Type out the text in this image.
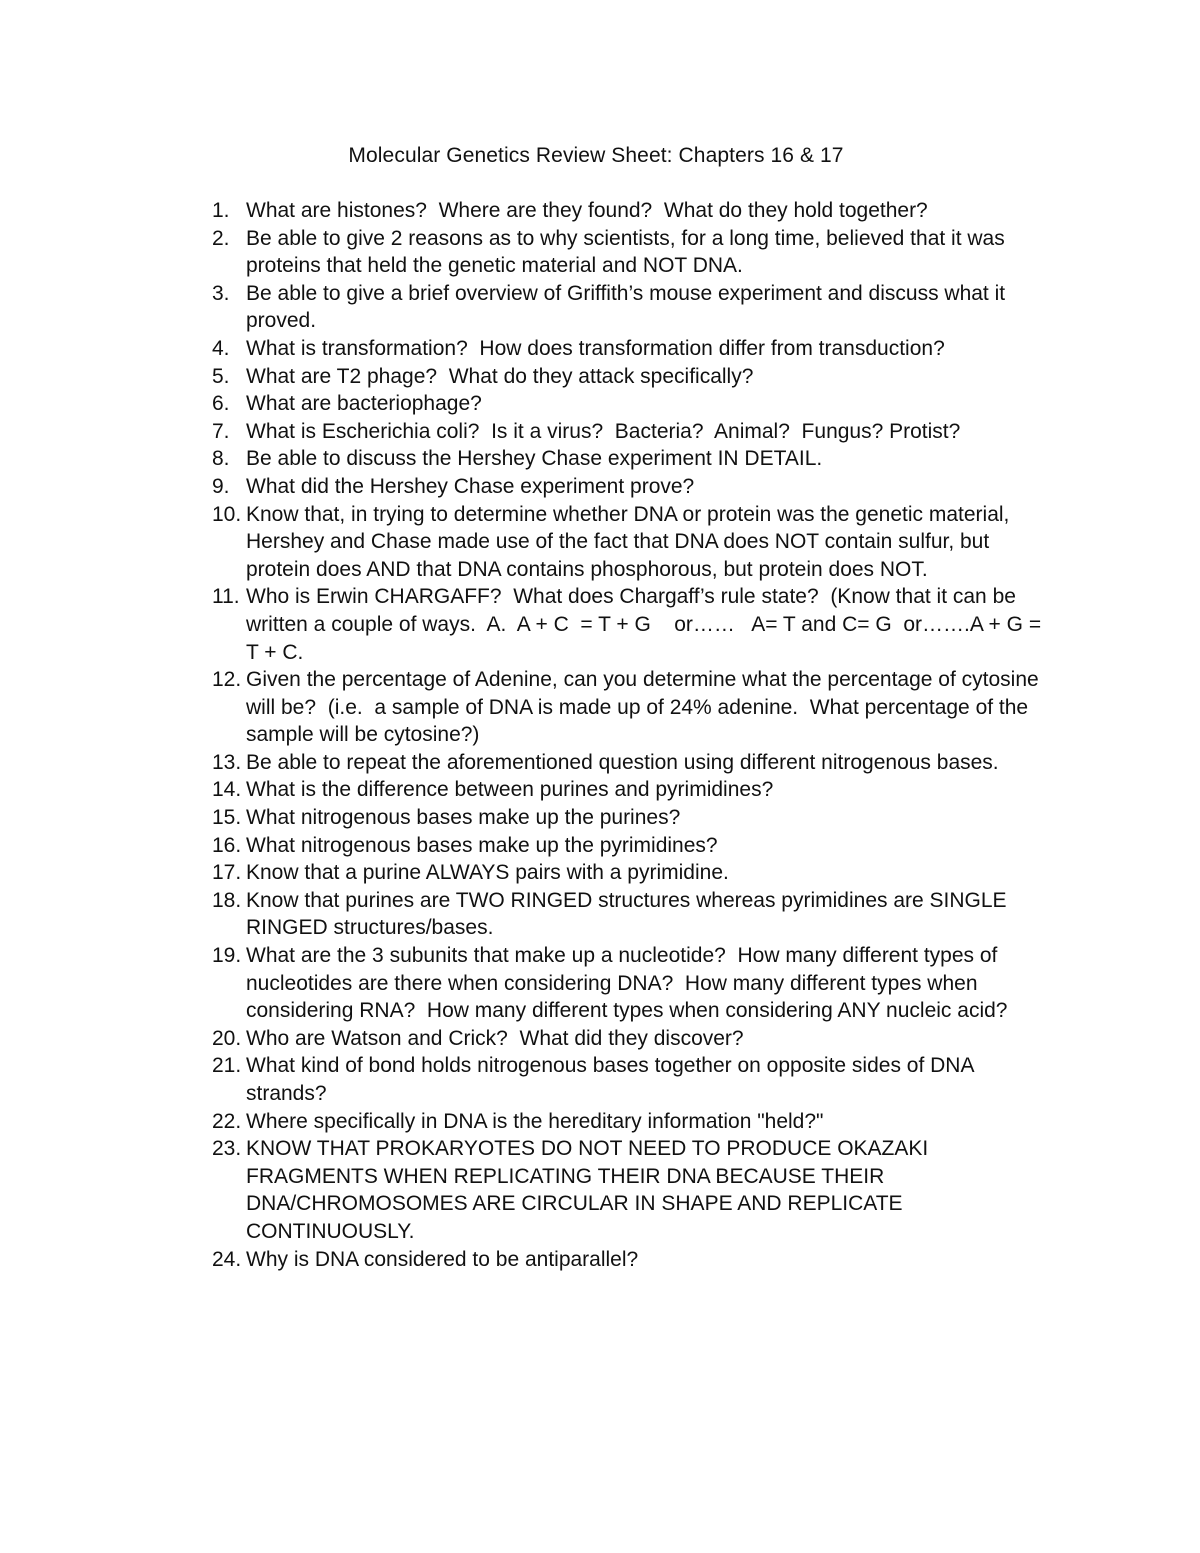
Molecular Genetics Review Sheet: Chapters 16 & 17
1. What are histones?  Where are they found?  What do they hold together?
2. Be able to give 2 reasons as to why scientists, for a long time, believed that it was proteins that held the genetic material and NOT DNA.
3. Be able to give a brief overview of Griffith’s mouse experiment and discuss what it proved.
4. What is transformation?  How does transformation differ from transduction?
5. What are T2 phage?  What do they attack specifically?
6. What are bacteriophage?
7. What is Escherichia coli?  Is it a virus?  Bacteria?  Animal?  Fungus? Protist?
8. Be able to discuss the Hershey Chase experiment IN DETAIL.
9. What did the Hershey Chase experiment prove?
10. Know that, in trying to determine whether DNA or protein was the genetic material, Hershey and Chase made use of the fact that DNA does NOT contain sulfur, but protein does AND that DNA contains phosphorous, but protein does NOT.
11. Who is Erwin CHARGAFF?  What does Chargaff’s rule state?  (Know that it can be written a couple of ways.  A.  A + C  = T + G    or……   A= T and C= G  or…….A + G = T + C.
12. Given the percentage of Adenine, can you determine what the percentage of cytosine will be?  (i.e.  a sample of DNA is made up of 24% adenine.  What percentage of the sample will be cytosine?)
13. Be able to repeat the aforementioned question using different nitrogenous bases.
14. What is the difference between purines and pyrimidines?
15. What nitrogenous bases make up the purines?
16. What nitrogenous bases make up the pyrimidines?
17. Know that a purine ALWAYS pairs with a pyrimidine.
18. Know that purines are TWO RINGED structures whereas pyrimidines are SINGLE RINGED structures/bases.
19. What are the 3 subunits that make up a nucleotide?  How many different types of nucleotides are there when considering DNA?  How many different types when considering RNA?  How many different types when considering ANY nucleic acid?
20. Who are Watson and Crick?  What did they discover?
21. What kind of bond holds nitrogenous bases together on opposite sides of DNA strands?
22. Where specifically in DNA is the hereditary information "held?"
23. KNOW THAT PROKARYOTES DO NOT NEED TO PRODUCE OKAZAKI FRAGMENTS WHEN REPLICATING THEIR DNA BECAUSE THEIR DNA/CHROMOSOMES ARE CIRCULAR IN SHAPE AND REPLICATE CONTINUOUSLY.
24. Why is DNA considered to be antiparallel?
